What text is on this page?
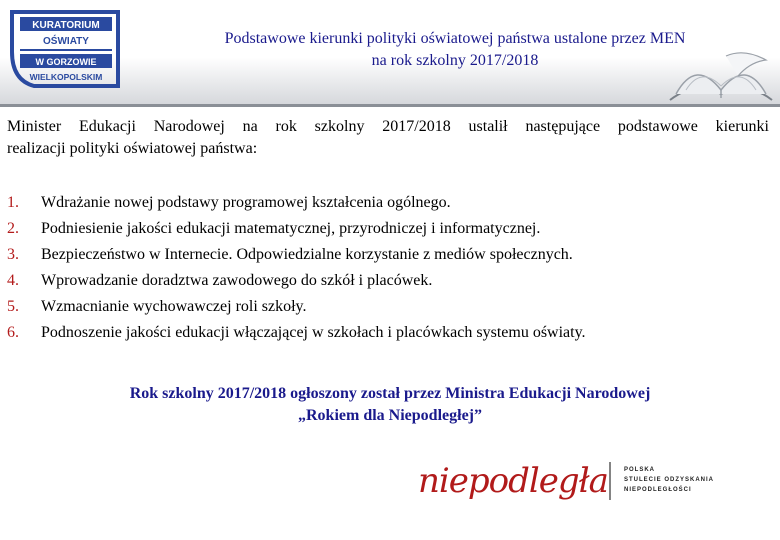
KURATORIUM
OŚWIATY
W GORZOWIE
WIELKOPOLSKIM
Podstawowe kierunki polityki oświatowej państwa ustalone przez MEN
na rok szkolny 2017/2018
Minister Edukacji Narodowej na rok szkolny 2017/2018 ustalił następujące podstawowe kierunki
realizacji polityki oświatowej państwa:
1.	Wdrażanie nowej podstawy programowej kształcenia ogólnego.
2.	Podniesienie jakości edukacji matematycznej, przyrodniczej i informatycznej.
3.	Bezpieczeństwo w Internecie. Odpowiedzialne korzystanie z mediów społecznych.
4.	Wprowadzanie doradztwa zawodowego do szkół i placówek.
5.	Wzmacnianie wychowawczej roli szkoły.
6.	Podnoszenie jakości edukacji włączającej w szkołach i placówkach systemu oświaty.
Rok szkolny 2017/2018 ogłoszony został przez Ministra Edukacji Narodowej
„Rokiem dla Niepodległej”
niepodległa	POLSKA
STULECIE ODZYSKANIA
NIEPODLEGŁOŚCI
